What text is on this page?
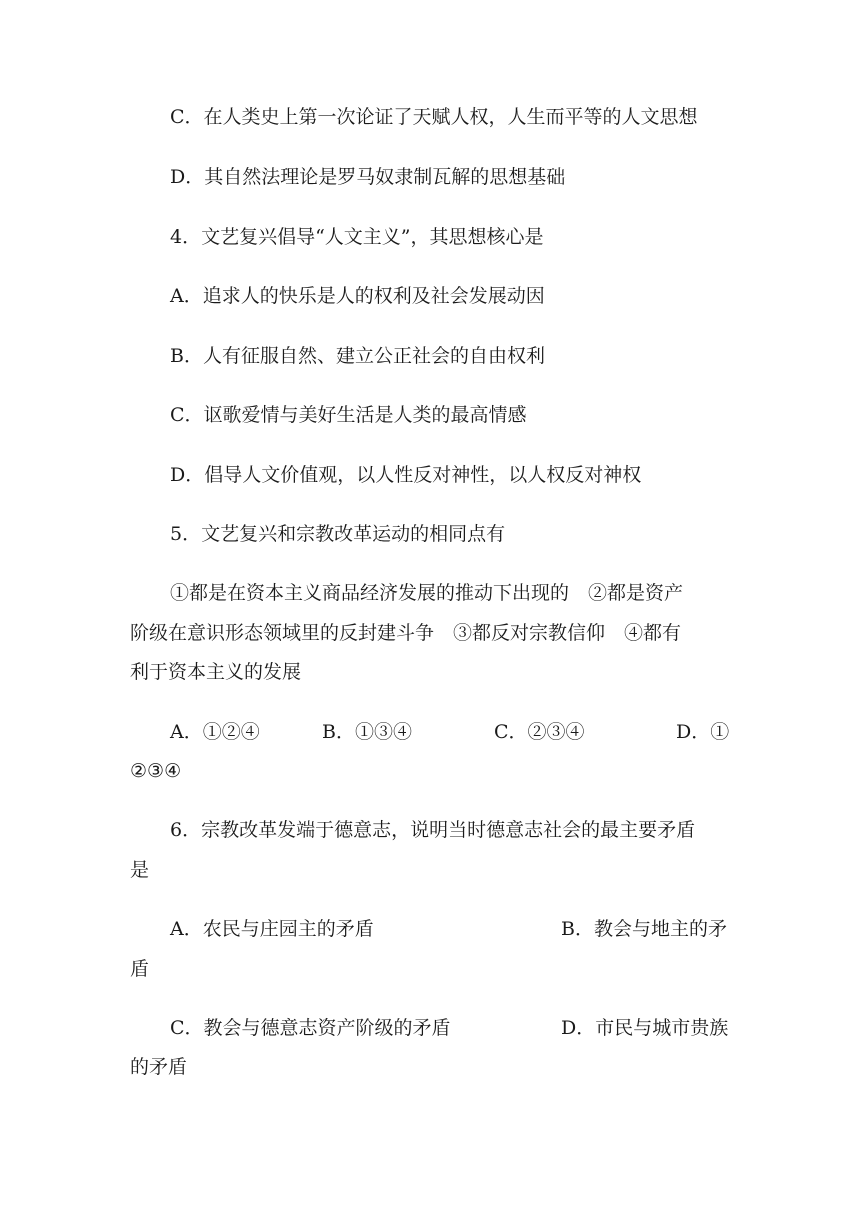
C．在人类史上第一次论证了天赋人权，人生而平等的人文思想
D．其自然法理论是罗马奴隶制瓦解的思想基础
4．文艺复兴倡导“人文主义”，其思想核心是
A．追求人的快乐是人的权利及社会发展动因
B．人有征服自然、建立公正社会的自由权利
C．讴歌爱情与美好生活是人类的最高情感
D．倡导人文价值观，以人性反对神性，以人权反对神权
5．文艺复兴和宗教改革运动的相同点有
①都是在资本主义商品经济发展的推动下出现的　②都是资产
阶级在意识形态领域里的反封建斗争　③都反对宗教信仰　④都有
利于资本主义的发展
A．①②④	B．①③④	C．②③④	D．①
②③④
6．宗教改革发端于德意志，说明当时德意志社会的最主要矛盾
是
A．农民与庄园主的矛盾	B．教会与地主的矛
盾
C．教会与德意志资产阶级的矛盾	D．市民与城市贵族
的矛盾
